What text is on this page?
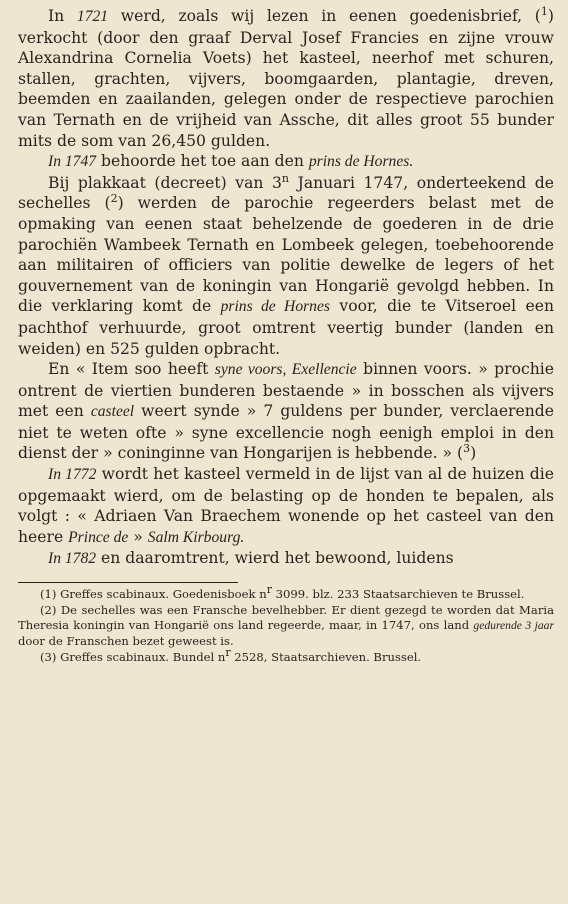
In 1721 werd, zoals wij lezen in eenen goedenisbrief, ($^1$) verkocht (door den graaf Derval Josef Francies en zijne vrouw Alexandrina Cornelia Voets) het kasteel, neerhof met schuren, stallen, grachten, vijvers, boomgaarden, plantagie, dreven, beemden en zaailanden, gelegen onder de respectieve parochien van Ternath en de vrijheid van Assche, dit alles groot 55 bunder mits de som van 26,450 gulden.

In 1747 behoorde het toe aan den prins de Hornes.

Bij plakkaat (decreet) van 3$^n$ Januari 1747, onderteekend de sechelles ($^2$) werden de parochie regeerders belast met de opmaking van eenen staat behelzende de goederen in de drie parochiën Wambeek Ternath en Lombeek gelegen, toebehoorende aan militairen of officiers van politie dewelke de legers of het gouvernement van de koningin van Hongarië gevolgd hebben. In die verklaring komt de prins de Hornes voor, die te Vitseroel een pachthof verhuurde, groot omtrent veertig bunder (landen en weiden) en 525 gulden opbracht.

En « Item soo heeft syne voors, Exellencie binnen voors. » prochie ontrent de viertien bunderen bestaende » in bosschen als vijvers met een casteel weert synde » 7 guldens per bunder, verclaerende niet te weten ofte » syne excellencie nogh eenigh emploi in den dienst der » coninginne van Hongarijen is hebbende. » ($^3$)

In 1772 wordt het kasteel vermeld in de lijst van al de huizen die opgemaakt wierd, om de belasting op de honden te bepalen, als volgt : « Adriaen Van Braechem wonende op het casteel van den heere Prince de » Salm Kirbourg.

In 1782 en daaromtrent, wierd het bewoond, luidens

(1) Greffes scabinaux. Goedenisboek nr 3099. blz. 233 Staatsarchieven te Brussel.

(2) De sechelles was een Fransche bevelhebber. Er dient gezegd te worden dat Maria Theresia koningin van Hongarië ons land regeerde, maar, in 1747, ons land gedurende 3 jaar door de Franschen bezet geweest is.

(3) Greffes scabinaux. Bundel nr 2528, Staatsarchieven. Brussel.
